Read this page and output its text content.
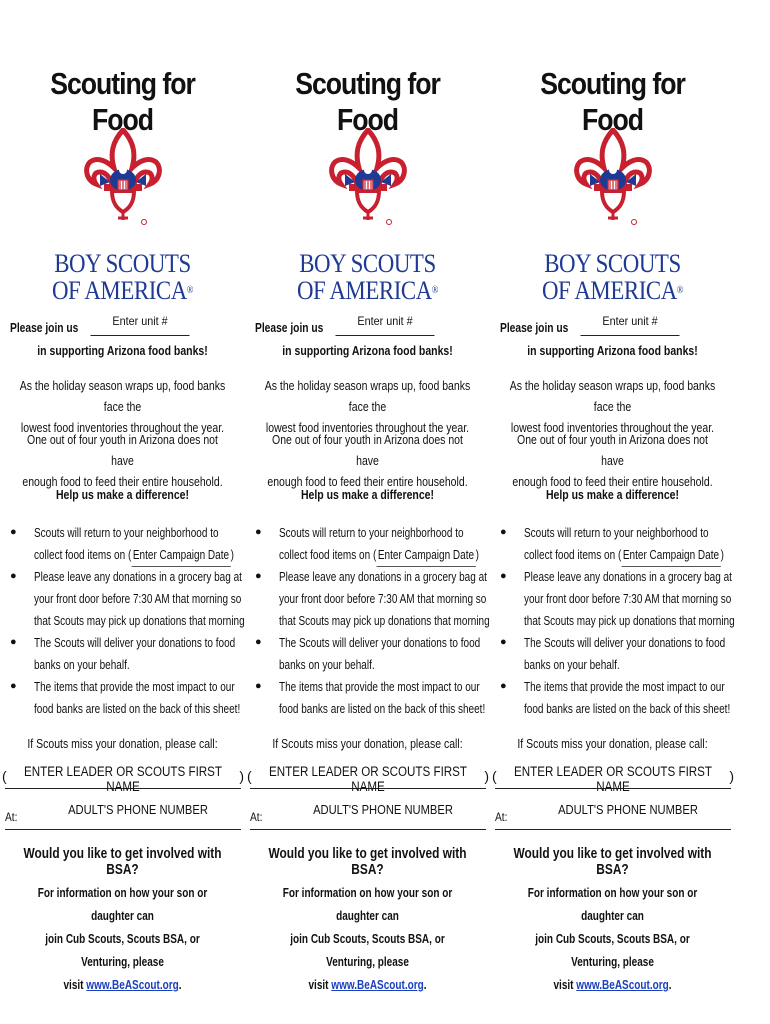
Scouting for Food
BOY SCOUTS
OF AMERICA®
Please join us	Enter unit #
in supporting Arizona food banks!
As the holiday season wraps up, food banks face the
lowest food inventories throughout the year.
One out of four youth in Arizona does not have
enough food to feed their entire household.
Help us make a difference!
● Scouts will return to your neighborhood to
collect food items on ( Enter Campaign Date )
● Please leave any donations in a grocery bag at
your front door before 7:30 AM that morning so
that Scouts may pick up donations that morning
● The Scouts will deliver your donations to food
banks on your behalf.
● The items that provide the most impact to our
food banks are listed on the back of this sheet!
If Scouts miss your donation, please call:
( ENTER LEADER OR SCOUTS FIRST NAME
)
At:	ADULT'S PHONE NUMBER
Would you like to get involved with BSA?
For information on how your son or daughter can
join Cub Scouts, Scouts BSA, or Venturing, please
visit www.BeAScout.org.
Scouting for Food
BOY SCOUTS
OF AMERICA®
Please join us	Enter unit #
in supporting Arizona food banks!
As the holiday season wraps up, food banks face the
lowest food inventories throughout the year.
One out of four youth in Arizona does not have
enough food to feed their entire household.
Help us make a difference!
● Scouts will return to your neighborhood to
collect food items on ( Enter Campaign Date )
● Please leave any donations in a grocery bag at
your front door before 7:30 AM that morning so
that Scouts may pick up donations that morning
● The Scouts will deliver your donations to food
banks on your behalf.
● The items that provide the most impact to our
food banks are listed on the back of this sheet!
If Scouts miss your donation, please call:
( ENTER LEADER OR SCOUTS FIRST NAME
)
At:	ADULT'S PHONE NUMBER
Would you like to get involved with BSA?
For information on how your son or daughter can
join Cub Scouts, Scouts BSA, or Venturing, please
visit www.BeAScout.org.
Scouting for Food
BOY SCOUTS
OF AMERICA®
Please join us	Enter unit #
in supporting Arizona food banks!
As the holiday season wraps up, food banks face the
lowest food inventories throughout the year.
One out of four youth in Arizona does not have
enough food to feed their entire household.
Help us make a difference!
● Scouts will return to your neighborhood to
collect food items on ( Enter Campaign Date )
● Please leave any donations in a grocery bag at
your front door before 7:30 AM that morning so
that Scouts may pick up donations that morning
● The Scouts will deliver your donations to food
banks on your behalf.
● The items that provide the most impact to our
food banks are listed on the back of this sheet!
If Scouts miss your donation, please call:
( ENTER LEADER OR SCOUTS FIRST NAME
)
At:	ADULT'S PHONE NUMBER
Would you like to get involved with BSA?
For information on how your son or daughter can
join Cub Scouts, Scouts BSA, or Venturing, please
visit www.BeAScout.org.
